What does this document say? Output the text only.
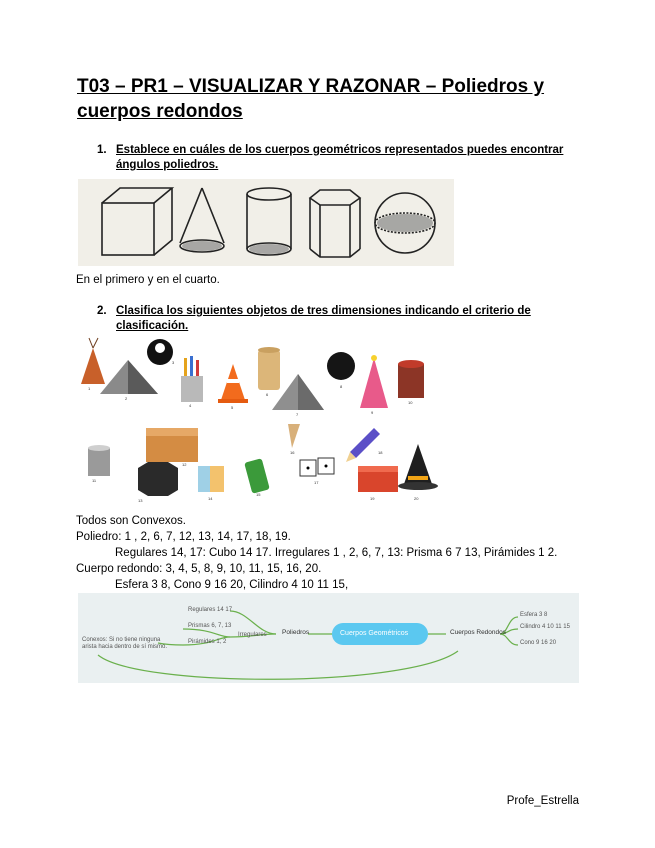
T03 – PR1 – VISUALIZAR Y RAZONAR – Poliedros y cuerpos redondos
1. Establece en cuáles de los cuerpos geométricos representados puedes encontrar ángulos poliedros.
En el primero y en el cuarto.
2. Clasifica los siguientes objetos de tres dimensiones indicando el criterio de clasificación.
1
2
3
4	5
6
7
8
9
10
11
12
13	14
15
16
17
18
19	20
Todos son Convexos.
Poliedro: 1 , 2, 6, 7, 12, 13, 14, 17, 18, 19.
Regulares 14, 17: Cubo 14 17. Irregulares 1 , 2, 6, 7, 13: Prisma 6 7 13, Pirámides 1 2.
Cuerpo redondo: 3, 4, 5, 8, 9, 10, 11, 15, 16, 20.
Esfera 3 8, Cono 9 16 20, Cilindro 4 10 11 15,
Cuerpos Geométricos
Poliedros	Cuerpos Redondos
Regulares 14 17
Irregulares
Prismas 6, 7, 13
Pirámides 1, 2
Esfera 3 8
Cilindro 4 10 11 15
Cono 9 16 20
Conexos: Si no tiene ninguna arista hacia dentro de sí mismo.
Profe_Estrella
